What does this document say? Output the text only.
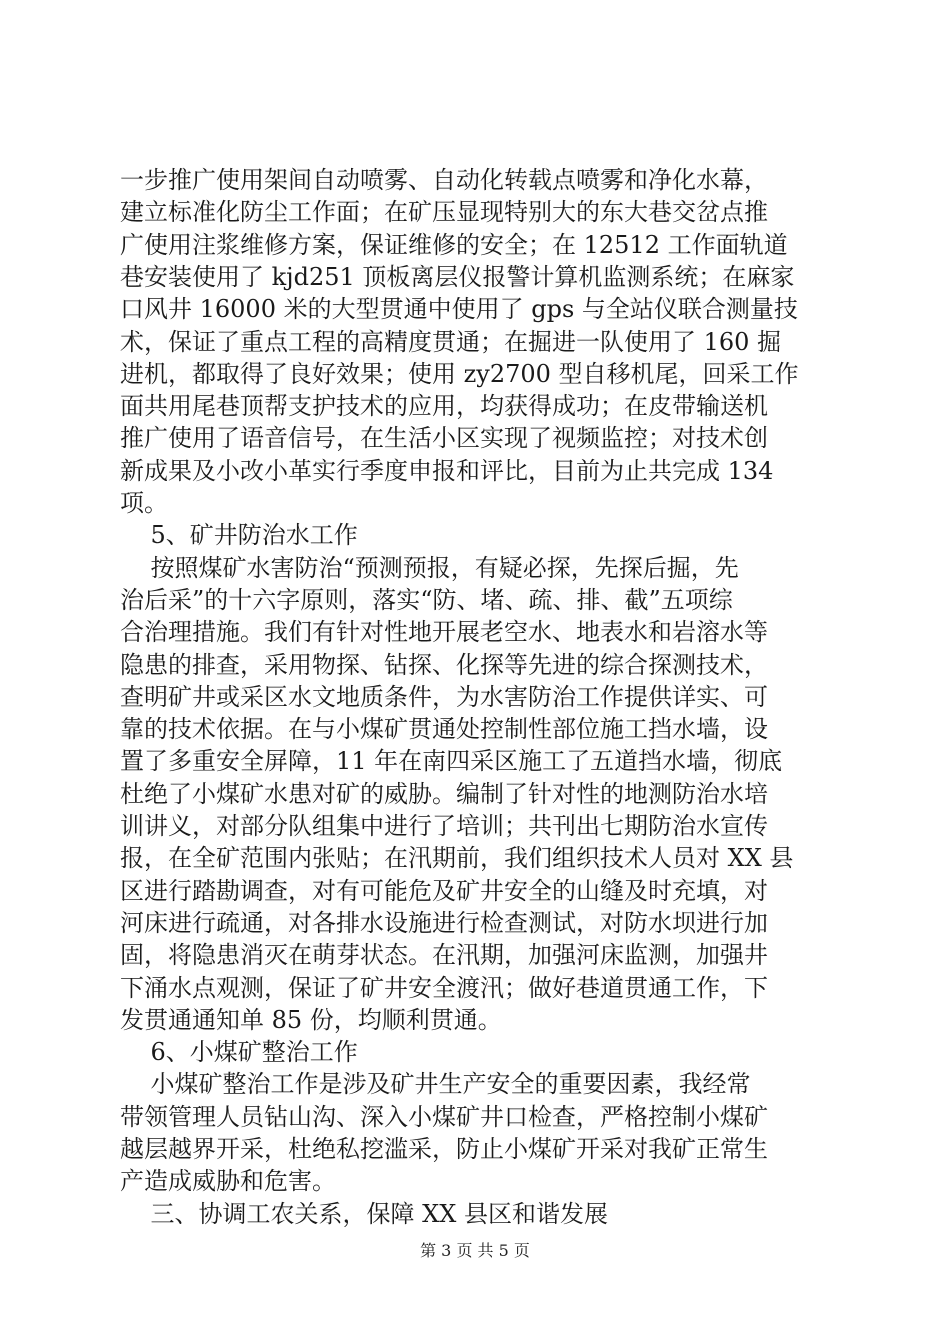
一步推广使用架间自动喷雾、自动化转载点喷雾和净化水幕，
建立标准化防尘工作面；在矿压显现特别大的东大巷交岔点推
广使用注浆维修方案，保证维修的安全；在 12512 工作面轨道
巷安装使用了 kjd251 顶板离层仪报警计算机监测系统；在麻家
口风井 16000 米的大型贯通中使用了 gps 与全站仪联合测量技
术，保证了重点工程的高精度贯通；在掘进一队使用了 160 掘
进机，都取得了良好效果；使用 zy2700 型自移机尾，回采工作
面共用尾巷顶帮支护技术的应用，均获得成功；在皮带输送机
推广使用了语音信号，在生活小区实现了视频监控；对技术创
新成果及小改小革实行季度申报和评比，目前为止共完成 134
项。
5、矿井防治水工作
按照煤矿水害防治“预测预报，有疑必探，先探后掘，先
治后采”的十六字原则，落实“防、堵、疏、排、截”五项综
合治理措施。我们有针对性地开展老空水、地表水和岩溶水等
隐患的排查，采用物探、钻探、化探等先进的综合探测技术，
查明矿井或采区水文地质条件，为水害防治工作提供详实、可
靠的技术依据。在与小煤矿贯通处控制性部位施工挡水墙，设
置了多重安全屏障，11 年在南四采区施工了五道挡水墙，彻底
杜绝了小煤矿水患对矿的威胁。编制了针对性的地测防治水培
训讲义，对部分队组集中进行了培训；共刊出七期防治水宣传
报，在全矿范围内张贴；在汛期前，我们组织技术人员对 XX 县
区进行踏勘调查，对有可能危及矿井安全的山缝及时充填，对
河床进行疏通，对各排水设施进行检查测试，对防水坝进行加
固，将隐患消灭在萌芽状态。在汛期，加强河床监测，加强井
下涌水点观测，保证了矿井安全渡汛；做好巷道贯通工作，下
发贯通通知单 85 份，均顺利贯通。
6、小煤矿整治工作
小煤矿整治工作是涉及矿井生产安全的重要因素，我经常
带领管理人员钻山沟、深入小煤矿井口检查，严格控制小煤矿
越层越界开采，杜绝私挖滥采，防止小煤矿开采对我矿正常生
产造成威胁和危害。
三、协调工农关系，保障 XX 县区和谐发展
第 3 页 共 5 页
